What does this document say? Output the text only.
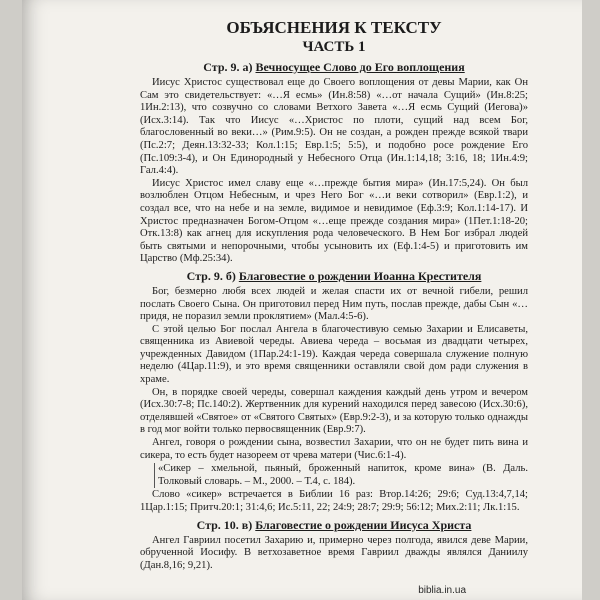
ОБЪЯСНЕНИЯ К ТЕКСТУ
ЧАСТЬ 1
Стр. 9. а) Вечносущее Слово до Его воплощения

Иисус Христос существовал еще до Своего воплощения от девы Марии, как Он Сам это свидетельствует: «…Я есмь» (Ин.8:58) «…от начала Сущий» (Ин.8:25; 1Ин.2:13), что созвучно со словами Ветхого Завета «…Я есмь Сущий (Иегова)» (Исх.3:14). Так что Иисус «…Христос по плоти, сущий над всем Бог, благословенный во веки…» (Рим.9:5). Он не создан, а рожден прежде всякой твари (Пс.2:7; Деян.13:32-33; Кол.1:15; Евр.1:5; 5:5), и подобно росе рождение Его (Пс.109:3-4), и Он Единородный у Небесного Отца (Ин.1:14,18; 3:16, 18; 1Ин.4:9; Гал.4:4).

Иисус Христос имел славу еще «…прежде бытия мира» (Ин.17:5,24). Он был возлюблен Отцом Небесным, и чрез Него Бог «…и веки сотворил» (Евр.1:2), и создал все, что на небе и на земле, видимое и невидимое (Еф.3:9; Кол.1:14-17). И Христос предназначен Богом-Отцом «…еще прежде создания мира» (1Пет.1:18-20; Отк.13:8) как агнец для искупления рода человеческого. В Нем Бог избрал людей быть святыми и непорочными, чтобы усыновить их (Еф.1:4-5) и приготовить им Царство (Мф.25:34).

Стр. 9. б) Благовестие о рождении Иоанна Крестителя

Бог, безмерно любя всех людей и желая спасти их от вечной гибели, решил послать Своего Сына. Он приготовил перед Ним путь, послав прежде, дабы Сын «…придя, не поразил земли проклятием» (Мал.4:5-6).

С этой целью Бог послал Ангела в благочестивую семью Захарии и Елисаветы, священника из Авиевой череды. Авиева череда – восьмая из двадцати четырех, учрежденных Давидом (1Пар.24:1-19). Каждая череда совершала служение полную неделю (4Цар.11:9), и это время священники оставляли свой дом ради служения в храме.

Он, в порядке своей череды, совершал каждения каждый день утром и вечером (Исх.30:7-8; Пс.140:2). Жертвенник для курений находился перед завесою (Исх.30:6), отделявшей «Святое» от «Святого Святых» (Евр.9:2-3), и за которую только однажды в год мог войти только первосвященник (Евр.9:7).

Ангел, говоря о рождении сына, возвестил Захарии, что он не будет пить вина и сикера, то есть будет назореем от чрева матери (Чис.6:1-4).

«Сикер – хмельной, пьяный, броженный напиток, кроме вина» (В. Даль. Толковый словарь. – М., 2000. – Т.4, с. 184).

Слово «сикер» встречается в Библии 16 раз: Втор.14:26; 29:6; Суд.13:4,7,14; 1Цар.1:15; Притч.20:1; 31:4,6; Ис.5:11, 22; 24:9; 28:7; 29:9; 56:12; Мих.2:11; Лк.1:15.

Стр. 10. в) Благовестие о рождении Иисуса Христа

Ангел Гавриил посетил Захарию и, примерно через полгода, явился деве Марии, обрученной Иосифу. В ветхозаветное время Гавриил дважды являлся Даниилу (Дан.8,16; 9,21).

biblia.in.ua
